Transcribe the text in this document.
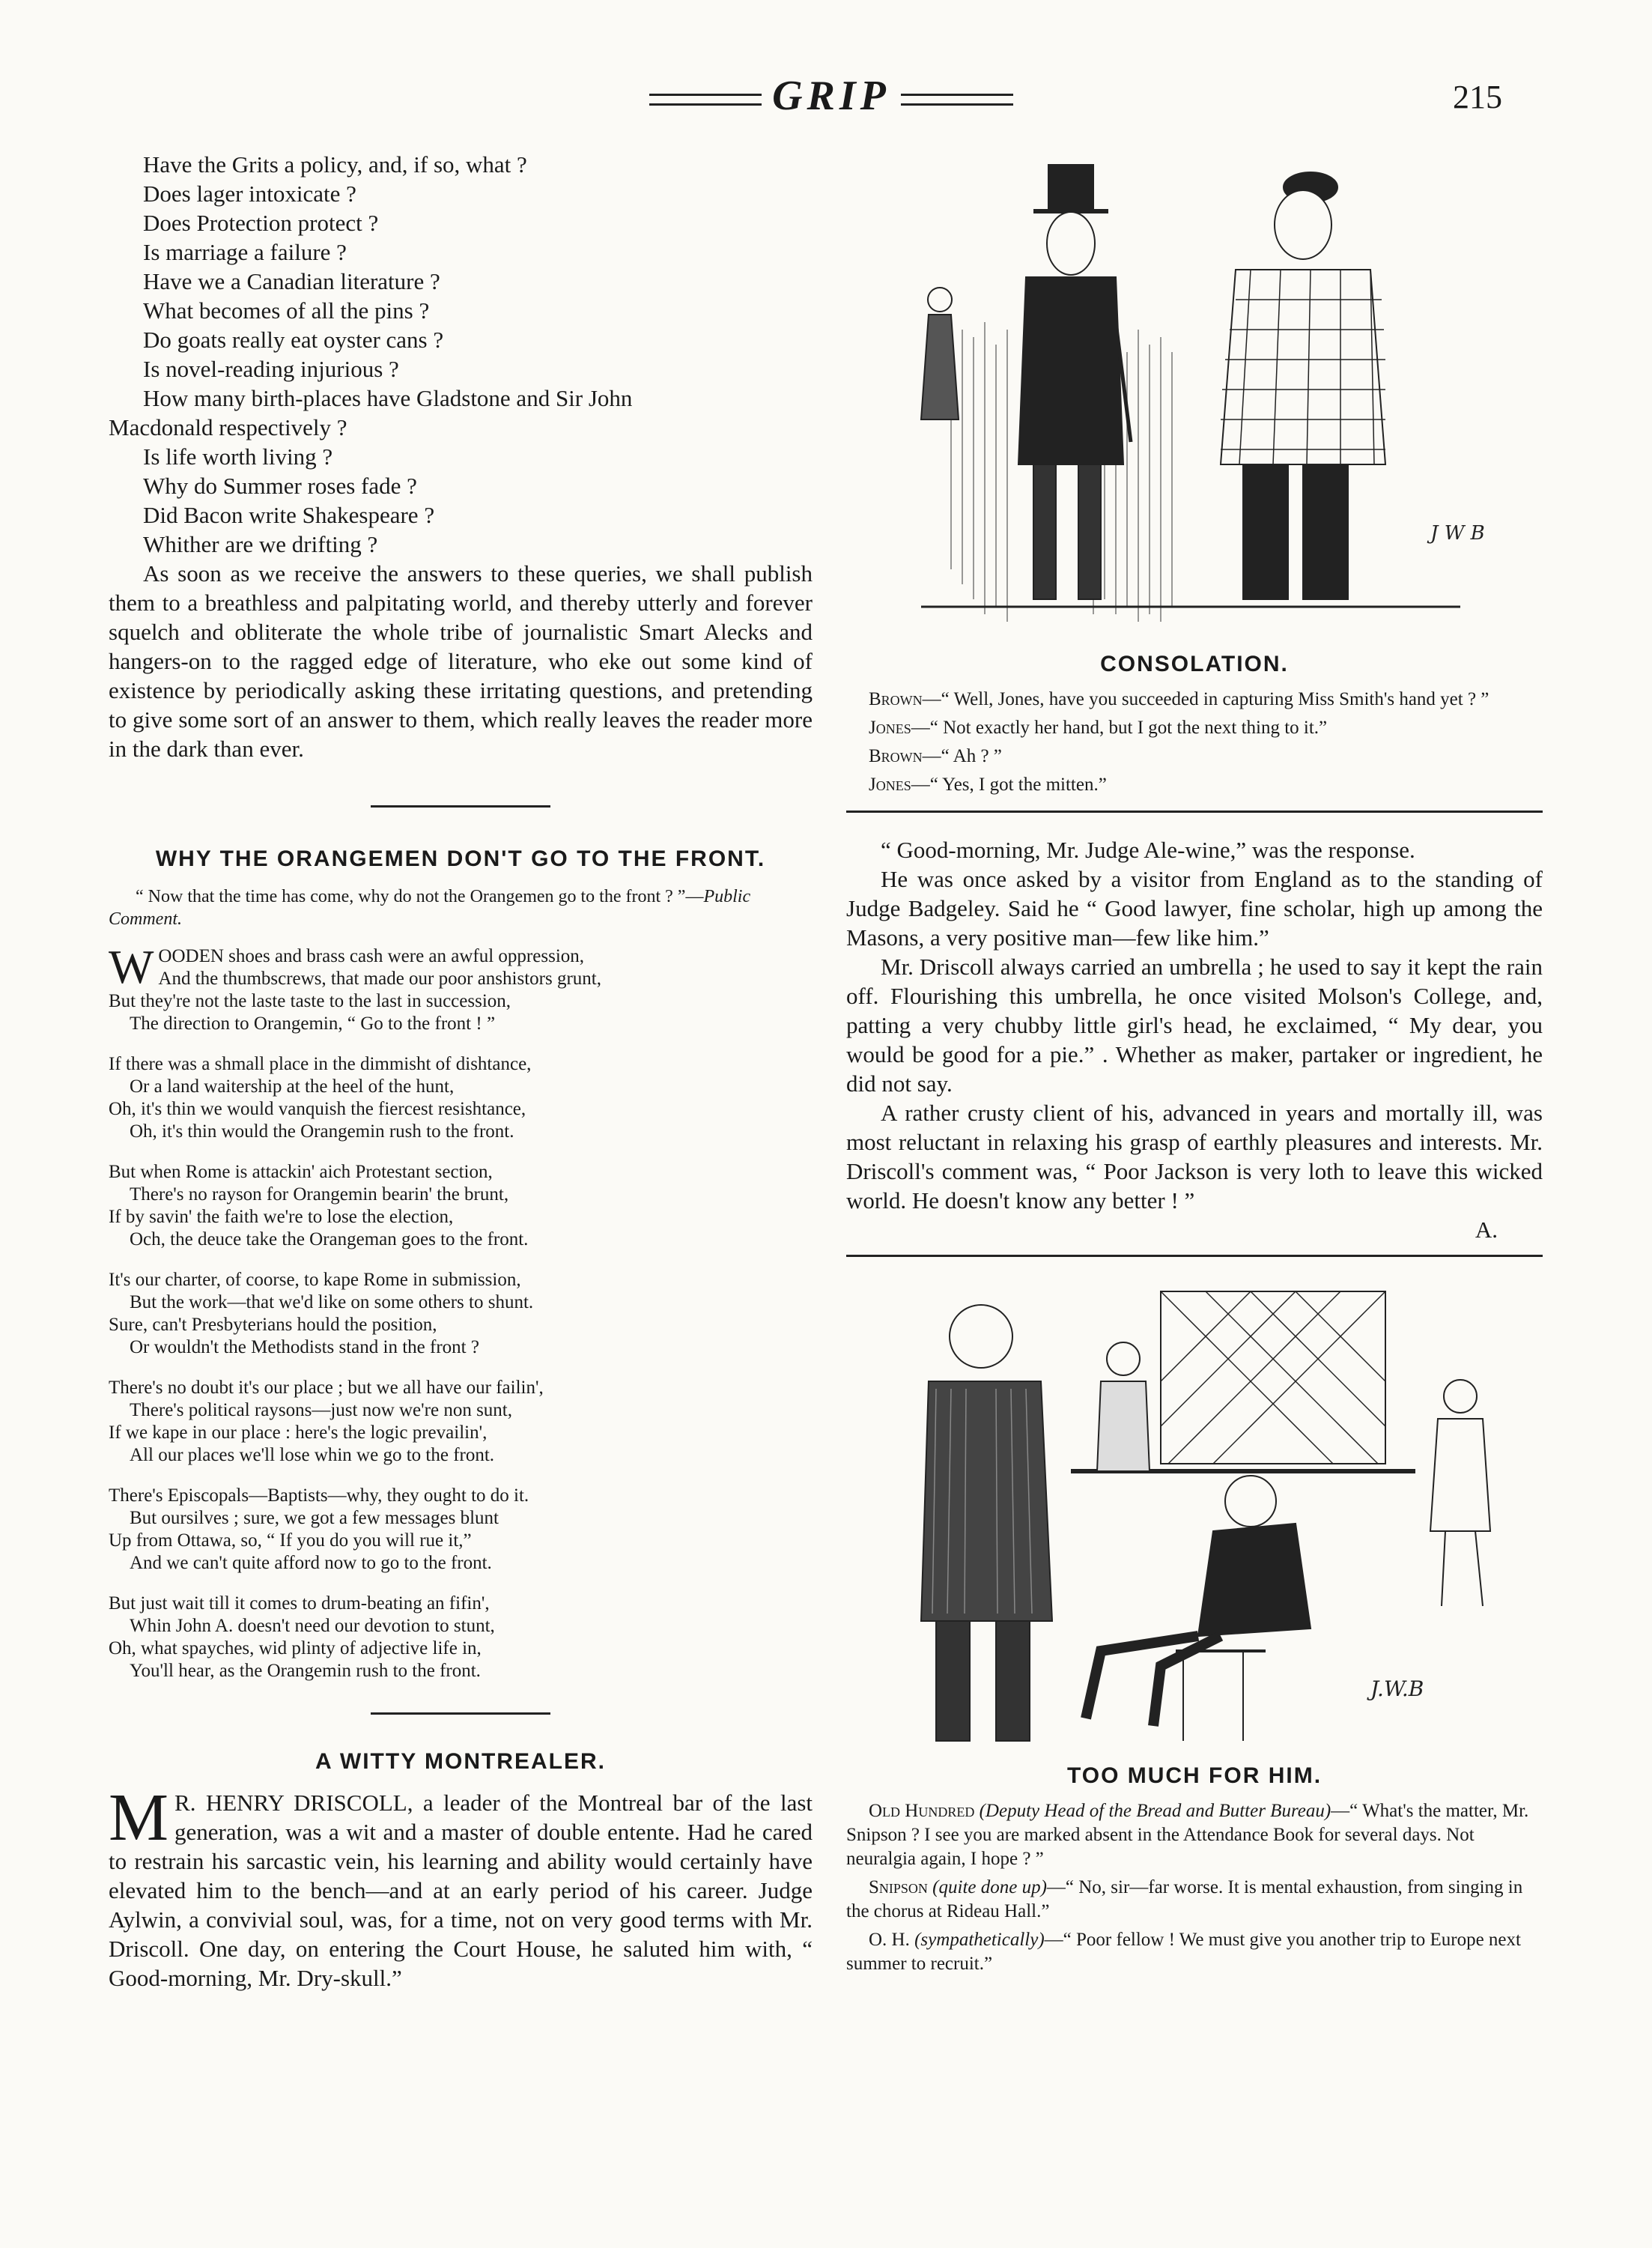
GRIP	215
Have the Grits a policy, and, if so, what ?
Does lager intoxicate ?
Does Protection protect ?
Is marriage a failure ?
Have we a Canadian literature ?
What becomes of all the pins ?
Do goats really eat oyster cans ?
Is novel-reading injurious ?
How many birth-places have Gladstone and Sir John
Macdonald respectively ?
Is life worth living ?
Why do Summer roses fade ?
Did Bacon write Shakespeare ?
Whither are we drifting ?

As soon as we receive the answers to these queries, we shall publish them to a breathless and palpitating world, and thereby utterly and forever squelch and obliterate the whole tribe of journalistic Smart Alecks and hangers-on to the ragged edge of literature, who eke out some kind of existence by periodically asking these irritating questions, and pretending to give some sort of an answer to them, which really leaves the reader more in the dark than ever.

WHY THE ORANGEMEN DON'T GO TO THE FRONT.

“ Now that the time has come, why do not the Orangemen go to the front ? ”—Public Comment.

W OODEN shoes and brass cash were an awful oppression,
And the thumbscrews, that made our poor anshistors grunt,
But they're not the laste taste to the last in succession,
The direction to Orangemin, “ Go to the front ! ”
If there was a shmall place in the dimmisht of dishtance,
Or a land waitership at the heel of the hunt,
Oh, it's thin we would vanquish the fiercest resishtance,
Oh, it's thin would the Orangemin rush to the front.
But when Rome is attackin' aich Protestant section,
There's no rayson for Orangemin bearin' the brunt,
If by savin' the faith we're to lose the election,
Och, the deuce take the Orangeman goes to the front.
It's our charter, of coorse, to kape Rome in submission,
But the work—that we'd like on some others to shunt.
Sure, can't Presbyterians hould the position,
Or wouldn't the Methodists stand in the front ?
There's no doubt it's our place ; but we all have our failin',
There's political raysons—just now we're non sunt,
If we kape in our place : here's the logic prevailin',
All our places we'll lose whin we go to the front.
There's Episcopals—Baptists—why, they ought to do it.
But oursilves ; sure, we got a few messages blunt
Up from Ottawa, so, “ If you do you will rue it,”
And we can't quite afford now to go to the front.
But just wait till it comes to drum-beating an fifin',
Whin John A. doesn't need our devotion to stunt,
Oh, what spayches, wid plinty of adjective life in,
You'll hear, as the Orangemin rush to the front.
A WITTY MONTREALER.

M R. HENRY DRISCOLL, a leader of the Montreal bar of the last generation, was a wit and a master of double entente. Had he cared to restrain his sarcastic vein, his learning and ability would certainly have elevated him to the bench—and at an early period of his career. Judge Aylwin, a convivial soul, was, for a time, not on very good terms with Mr. Driscoll. One day, on entering the Court House, he saluted him with, “ Good-morning, Mr. Dry-skull.”

J W B
CONSOLATION.

Brown—“ Well, Jones, have you succeeded in capturing Miss Smith's hand yet ? ”

Jones—“ Not exactly her hand, but I got the next thing to it.”

Brown—“ Ah ? ”

Jones—“ Yes, I got the mitten.”

“ Good-morning, Mr. Judge Ale-wine,” was the response.

He was once asked by a visitor from England as to the standing of Judge Badgeley. Said he “ Good lawyer, fine scholar, high up among the Masons, a very positive man—few like him.”

Mr. Driscoll always carried an umbrella ; he used to say it kept the rain off. Flourishing this umbrella, he once visited Molson's College, and, patting a very chubby little girl's head, he exclaimed, “ My dear, you would be good for a pie.” . Whether as maker, partaker or ingredient, he did not say.

A rather crusty client of his, advanced in years and mortally ill, was most reluctant in relaxing his grasp of earthly pleasures and interests. Mr. Driscoll's comment was, “ Poor Jackson is very loth to leave this wicked world. He doesn't know any better ! ”

A.
J.W.B
TOO MUCH FOR HIM.

Old Hundred (Deputy Head of the Bread and Butter Bureau)—“ What's the matter, Mr. Snipson ? I see you are marked absent in the Attendance Book for several days. Not neuralgia again, I hope ? ”

Snipson (quite done up)—“ No, sir—far worse. It is mental exhaustion, from singing in the chorus at Rideau Hall.”

O. H. (sympathetically)—“ Poor fellow ! We must give you another trip to Europe next summer to recruit.”
